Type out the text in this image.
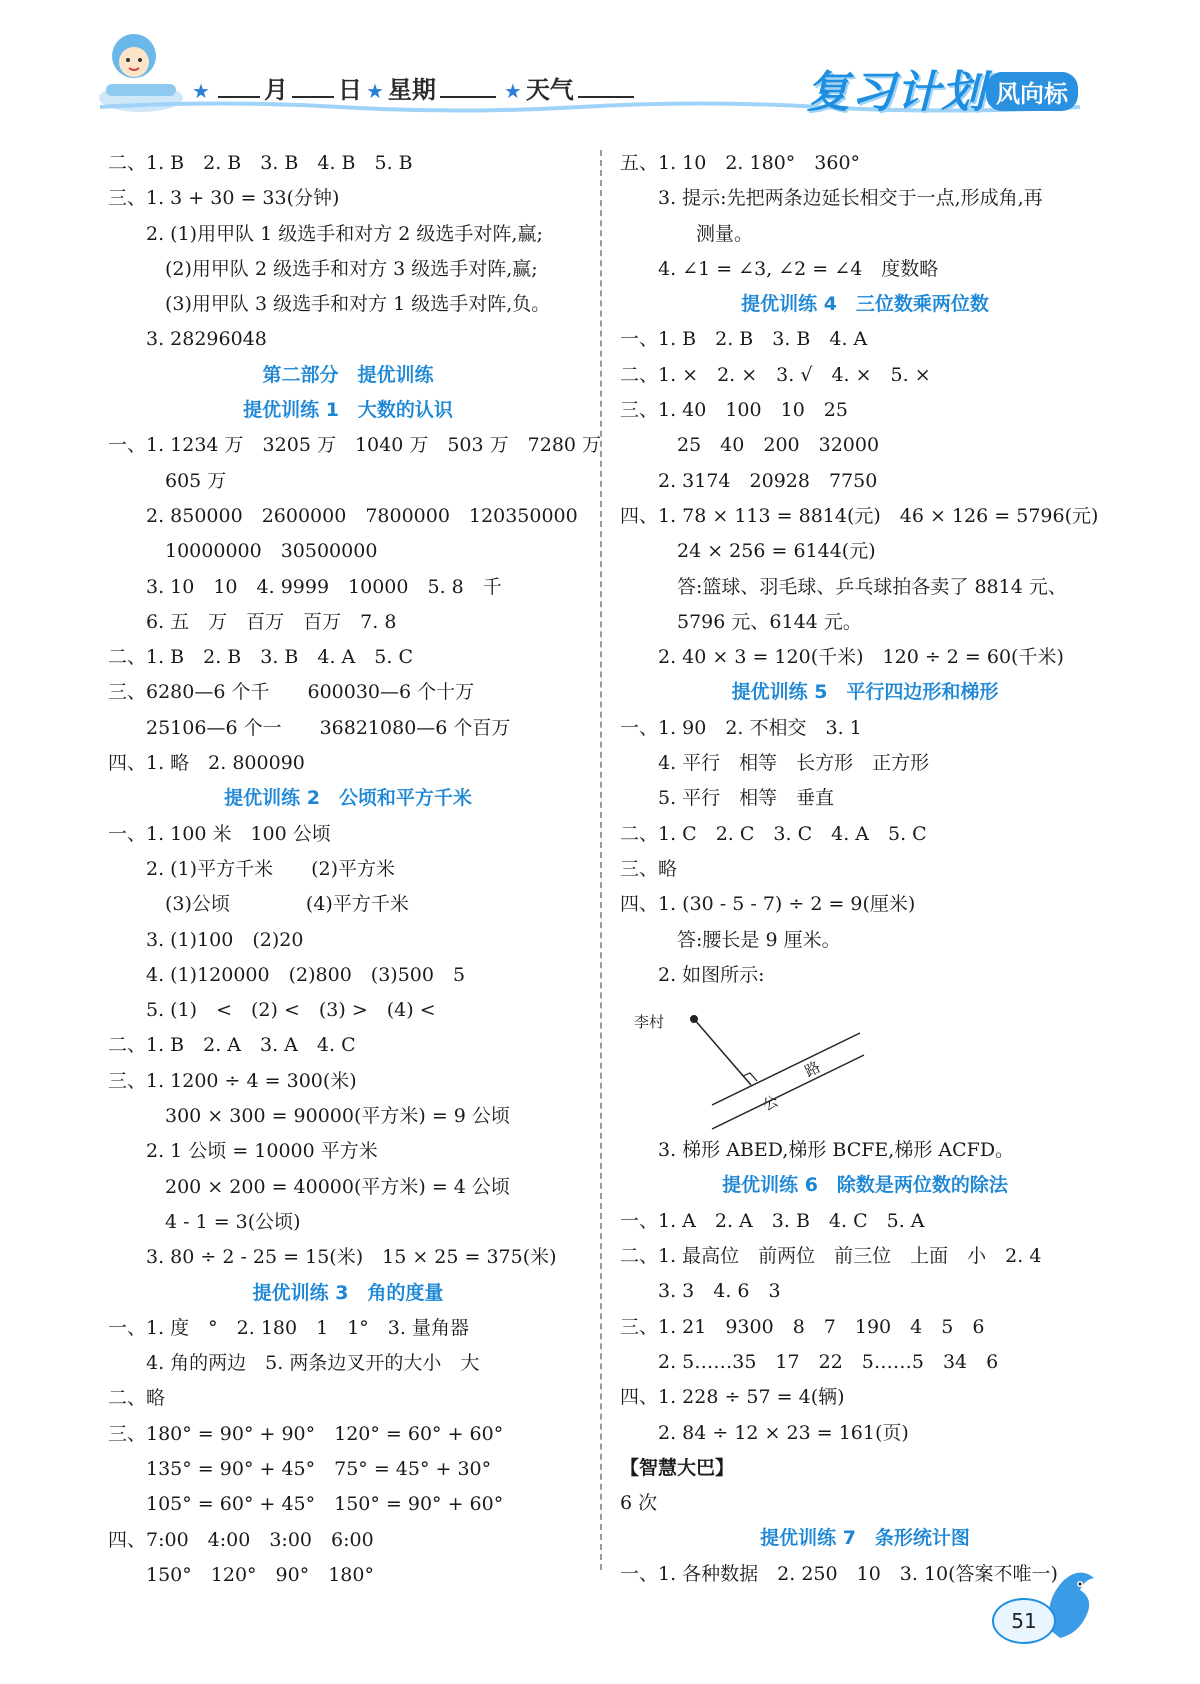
★ 月 日 ★ 星期	★ 天气	复习计划 风向标
二、1. B　2. B　3. B　4. B　5. B
三、1. 3 + 30 = 33(分钟)
　　2. (1)用甲队 1 级选手和对方 2 级选手对阵,赢;
　　　(2)用甲队 2 级选手和对方 3 级选手对阵,赢;
　　　(3)用甲队 3 级选手和对方 1 级选手对阵,负。
　　3. 28296048
第二部分　提优训练
提优训练 1　大数的认识
一、1. 1234 万　3205 万　1040 万　503 万　7280 万
　　　605 万
　　2. 850000　2600000　7800000　120350000
　　　10000000　30500000
　　3. 10　10　4. 9999　10000　5. 8　千
　　6. 五　万　百万　百万　7. 8
二、1. B　2. B　3. B　4. A　5. C
三、6280—6 个千　　600030—6 个十万
　　25106—6 个一　　36821080—6 个百万
四、1. 略　2. 800090
提优训练 2　公顷和平方千米
一、1. 100 米　100 公顷
　　2. (1)平方千米　　(2)平方米
　　　(3)公顷　　　　(4)平方千米
　　3. (1)100　(2)20
　　4. (1)120000　(2)800　(3)500　5
　　5. (1)　<　(2) <　(3) >　(4) <
二、1. B　2. A　3. A　4. C
三、1. 1200 ÷ 4 = 300(米)
　　　300 × 300 = 90000(平方米) = 9 公顷
　　2. 1 公顷 = 10000 平方米
　　　200 × 200 = 40000(平方米) = 4 公顷
　　　4 - 1 = 3(公顷)
　　3. 80 ÷ 2 - 25 = 15(米)　15 × 25 = 375(米)
提优训练 3　角的度量
一、1. 度　°　2. 180　1　1°　3. 量角器
　　4. 角的两边　5. 两条边叉开的大小　大
二、略
三、180° = 90° + 90°　120° = 60° + 60°
　　135° = 90° + 45°　75° = 45° + 30°
　　105° = 60° + 45°　150° = 90° + 60°
四、7:00　4:00　3:00　6:00
　　150°　120°　90°　180°
五、1. 10　2. 180°　360°
　　3. 提示:先把两条边延长相交于一点,形成角,再
　　　　测量。
　　4. ∠1 = ∠3, ∠2 = ∠4　度数略
提优训练 4　三位数乘两位数
一、1. B　2. B　3. B　4. A
二、1. ×　2. ×　3. √　4. ×　5. ×
三、1. 40　100　10　25
　　　25　40　200　32000
　　2. 3174　20928　7750
四、1. 78 × 113 = 8814(元)　46 × 126 = 5796(元)
　　　24 × 256 = 6144(元)
　　　答:篮球、羽毛球、乒乓球拍各卖了 8814 元、
　　　5796 元、6144 元。
　　2. 40 × 3 = 120(千米)　120 ÷ 2 = 60(千米)
提优训练 5　平行四边形和梯形
一、1. 90　2. 不相交　3. 1
　　4. 平行　相等　长方形　正方形
　　5. 平行　相等　垂直
二、1. C　2. C　3. C　4. A　5. C
三、略
四、1. (30 - 5 - 7) ÷ 2 = 9(厘米)
　　　答:腰长是 9 厘米。
　　2. 如图所示:
李村
公
路
　　3. 梯形 ABED,梯形 BCFE,梯形 ACFD。
提优训练 6　除数是两位数的除法
一、1. A　2. A　3. B　4. C　5. A
二、1. 最高位　前两位　前三位　上面　小　2. 4
　　3. 3　4. 6　3
三、1. 21　9300　8　7　190　4　5　6
　　2. 5……35　17　22　5……5　34　6
四、1. 228 ÷ 57 = 4(辆)
　　2. 84 ÷ 12 × 23 = 161(页)
【智慧大巴】
6 次
提优训练 7　条形统计图
一、1. 各种数据　2. 250　10　3. 10(答案不唯一)
51
